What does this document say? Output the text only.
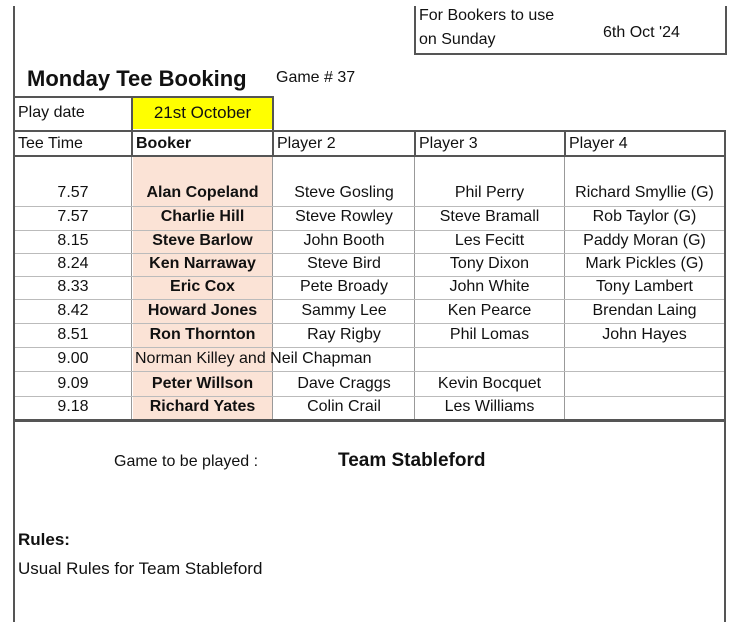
For Bookers to use
on Sunday	6th Oct '24
Monday Tee Booking Game # 37
Play date	21st October
Tee Time	Booker	Player 2	Player 3	Player 4
7.57	Alan Copeland	Steve Gosling	Phil Perry	Richard Smyllie (G)
7.57	Charlie Hill	Steve Rowley	Steve Bramall	Rob Taylor (G)
8.15	Steve Barlow	John Booth	Les Fecitt	Paddy Moran (G)
8.24	Ken Narraway	Steve Bird	Tony Dixon	Mark Pickles (G)
8.33	Eric Cox	Pete Broady	John White	Tony Lambert
8.42	Howard Jones	Sammy Lee	Ken Pearce	Brendan Laing
8.51	Ron Thornton	Ray Rigby	Phil Lomas	John Hayes
9.00	Norman Killey and Neil Chapman
9.09	Peter Willson	Dave Craggs	Kevin Bocquet
9.18	Richard Yates	Colin Crail	Les Williams
Game to be played :	Team Stableford
Rules:
Usual Rules for Team Stableford
